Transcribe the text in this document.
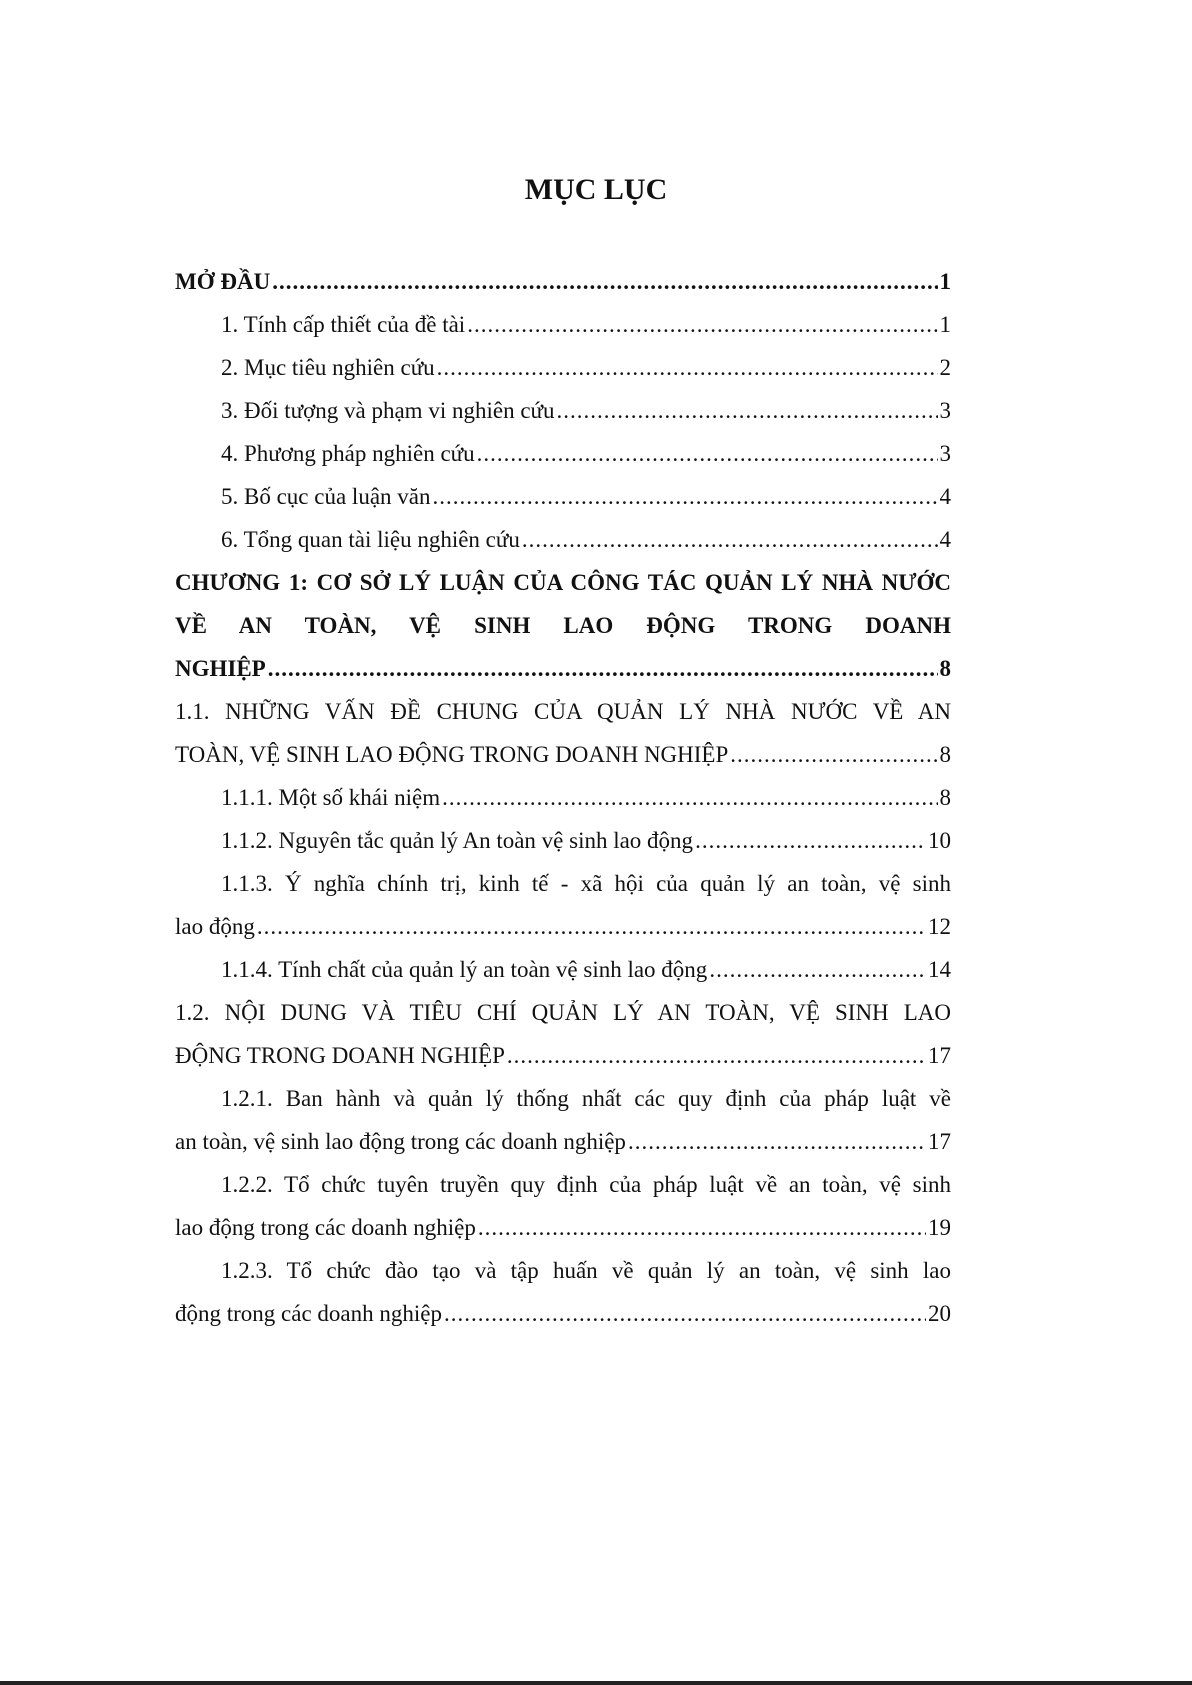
MỤC LỤC
MỞ ĐẦU .....	1
1. Tính cấp thiết của đề tài .....	1
2. Mục tiêu nghiên cứu .....	2
3. Đối tượng và phạm vi nghiên cứu .....	3
4. Phương pháp nghiên cứu .....	3
5. Bố cục của luận văn .....	4
6. Tổng quan tài liệu nghiên cứu .....	4
CHƯƠNG 1: CƠ SỞ LÝ LUẬN CỦA CÔNG TÁC QUẢN LÝ NHÀ NƯỚC VỀ AN TOÀN, VỆ SINH LAO ĐỘNG TRONG DOANH
NGHIỆP .....	8
1.1. NHỮNG VẤN ĐỀ CHUNG CỦA QUẢN LÝ NHÀ NƯỚC VỀ AN
TOÀN, VỆ SINH LAO ĐỘNG TRONG DOANH NGHIỆP .....	8
1.1.1. Một số khái niệm .....	8
1.1.2. Nguyên tắc quản lý An toàn vệ sinh lao động .....	10
1.1.3. Ý nghĩa chính trị, kinh tế - xã hội của quản lý an toàn, vệ sinh
lao động .....	12
1.1.4. Tính chất của quản lý an toàn vệ sinh lao động .....	14
1.2. NỘI DUNG VÀ TIÊU CHÍ QUẢN LÝ AN TOÀN, VỆ SINH LAO
ĐỘNG TRONG DOANH NGHIỆP .....	17
1.2.1. Ban hành và quản lý thống nhất các quy định của pháp luật về
an toàn, vệ sinh lao động trong các doanh nghiệp .....	17
1.2.2. Tổ chức tuyên truyền quy định của pháp luật về an toàn, vệ sinh
lao động trong các doanh nghiệp .....	19
1.2.3. Tổ chức đào tạo và tập huấn về quản lý an toàn, vệ sinh lao
động trong các doanh nghiệp .....	20
